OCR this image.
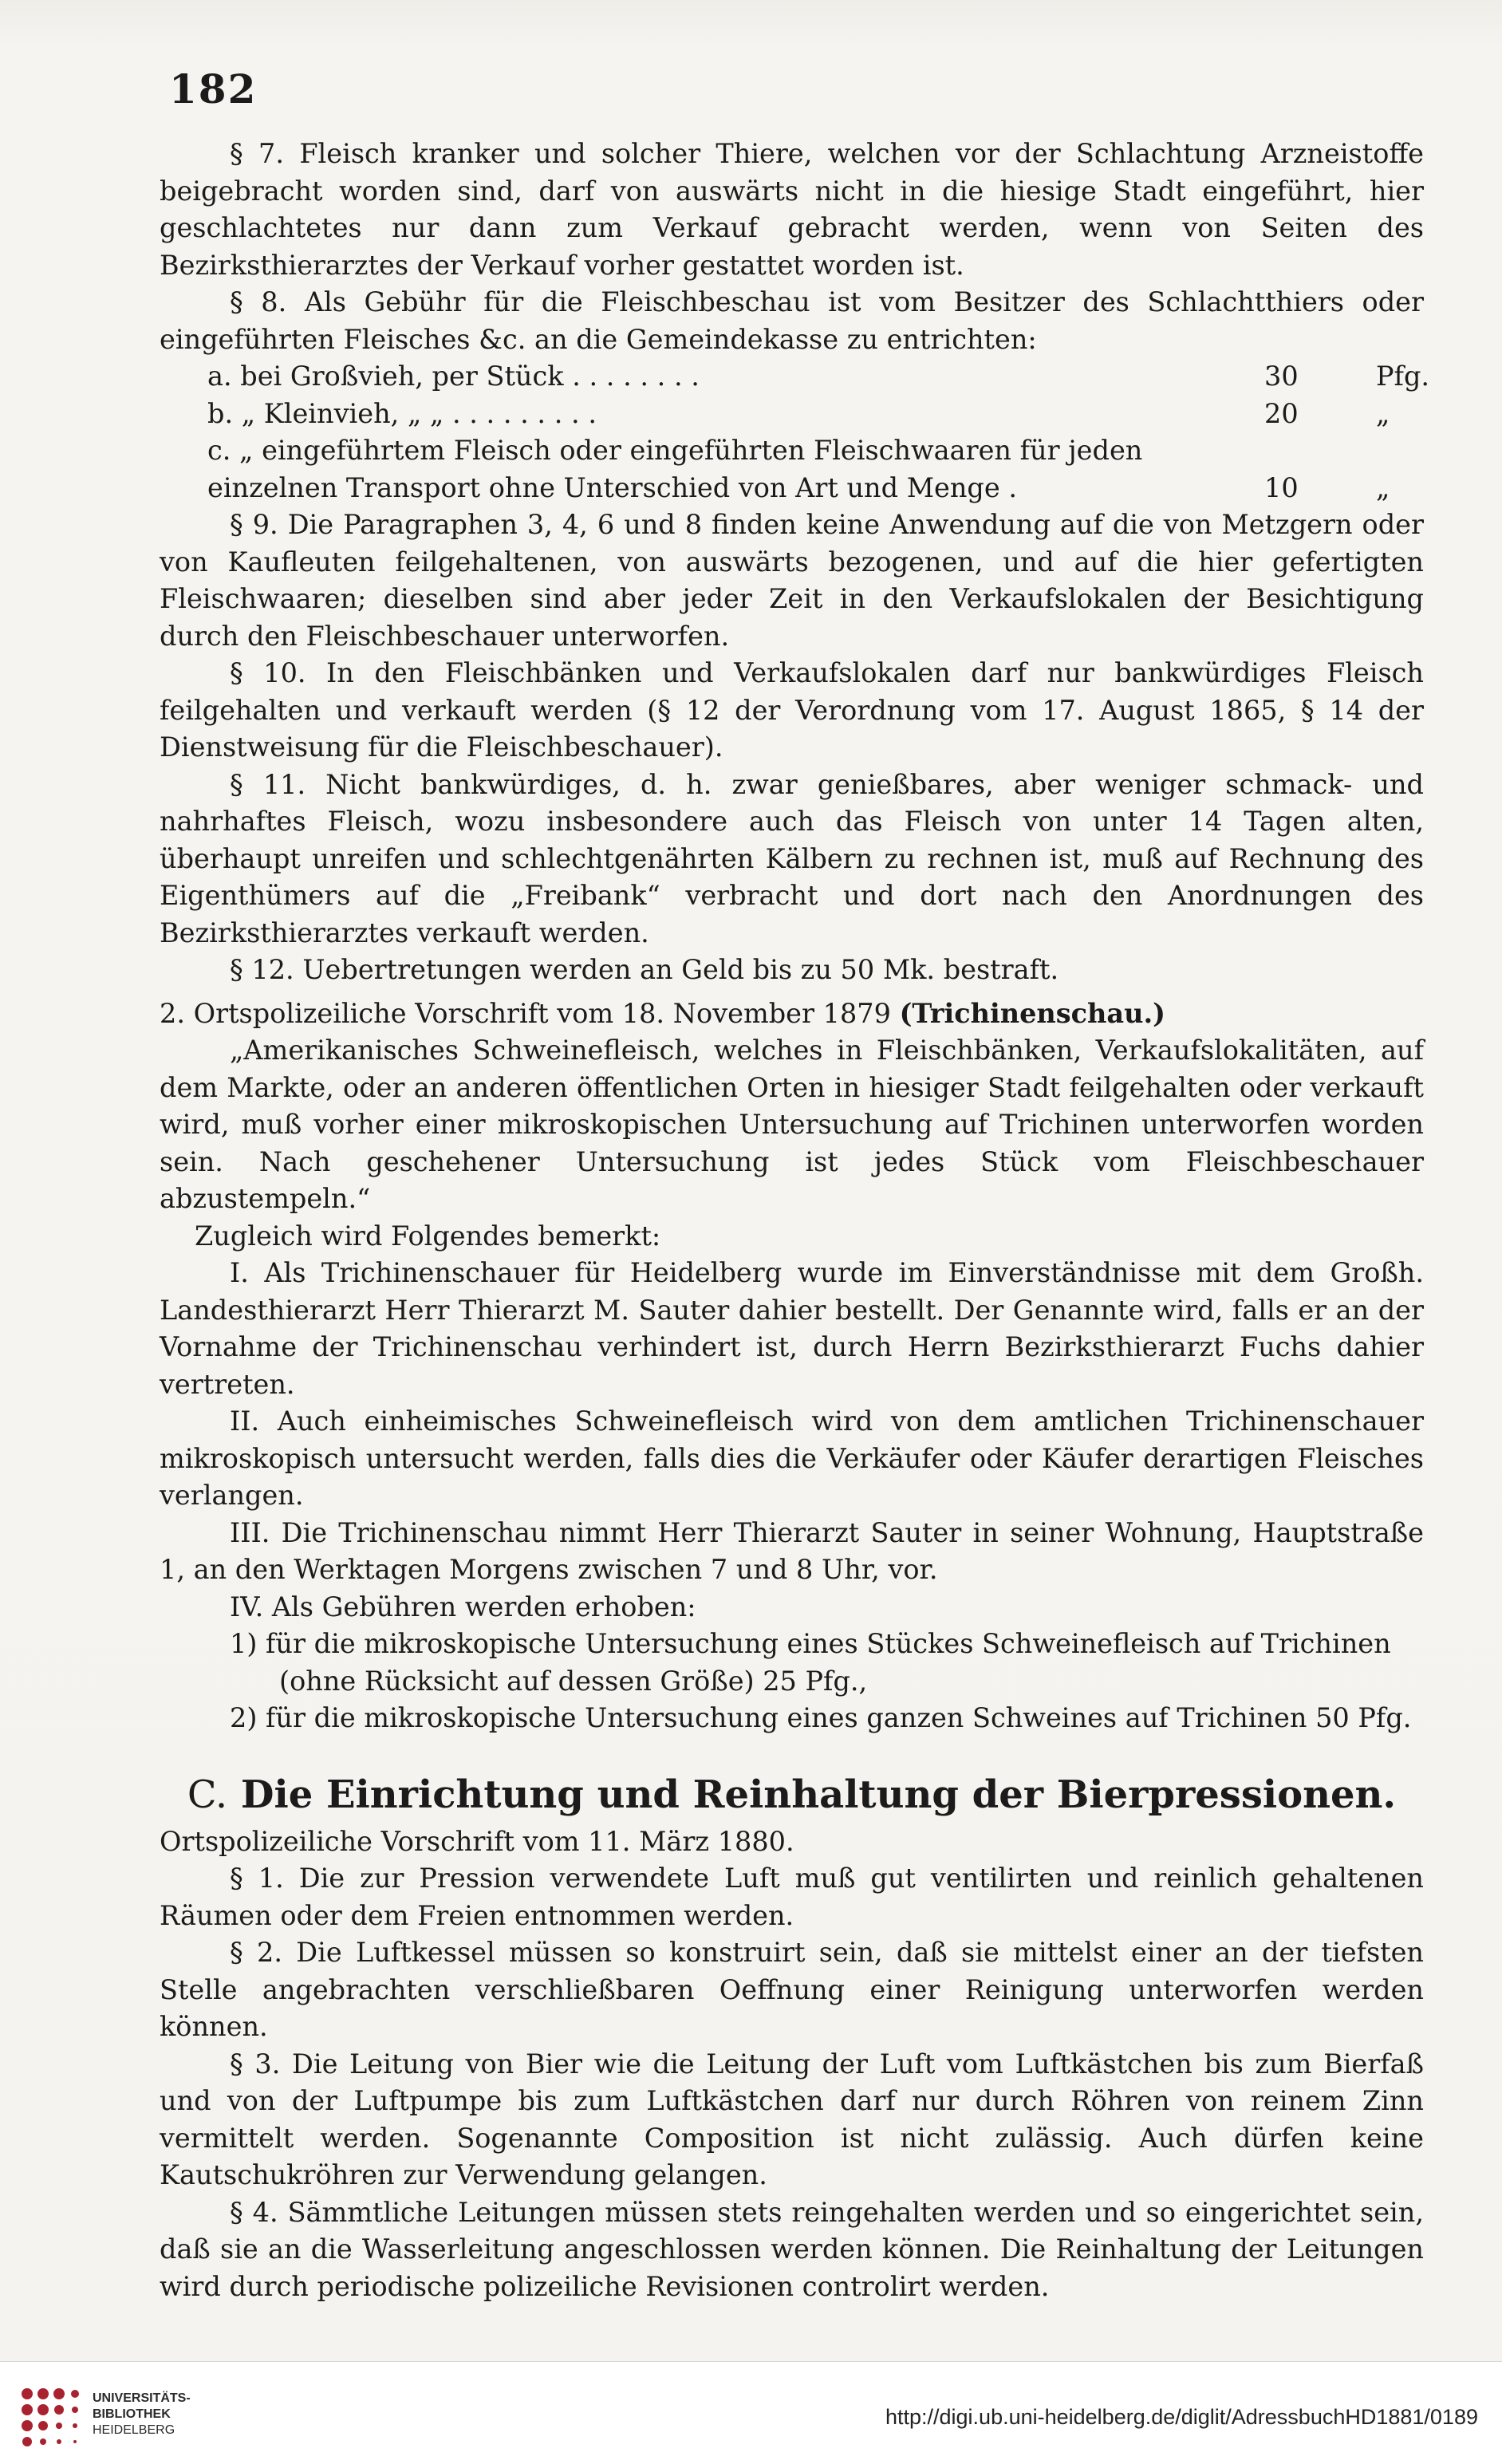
182

§ 7. Fleisch kranker und solcher Thiere, welchen vor der Schlachtung Arzneistoffe beigebracht worden sind, darf von auswärts nicht in die hiesige Stadt eingeführt, hier geschlachtetes nur dann zum Verkauf gebracht werden, wenn von Seiten des Bezirksthierarztes der Verkauf vorher gestattet worden ist.

§ 8. Als Gebühr für die Fleischbeschau ist vom Besitzer des Schlachtthiers oder eingeführten Fleisches &c. an die Gemeindekasse zu entrichten:

a. bei Großvieh, per Stück . . . . . . . .	30	Pfg.
b. „ Kleinvieh, „ „ . . . . . . . . .	20	„
c. „ eingeführtem Fleisch oder eingeführten Fleischwaaren für jeden
einzelnen Transport ohne Unterschied von Art und Menge .	10	„

§ 9. Die Paragraphen 3, 4, 6 und 8 finden keine Anwendung auf die von Metzgern oder von Kaufleuten feilgehaltenen, von auswärts bezogenen, und auf die hier gefertigten Fleischwaaren; dieselben sind aber jeder Zeit in den Verkaufslokalen der Besichtigung durch den Fleischbeschauer unterworfen.

§ 10. In den Fleischbänken und Verkaufslokalen darf nur bankwürdiges Fleisch feilgehalten und verkauft werden (§ 12 der Verordnung vom 17. August 1865, § 14 der Dienstweisung für die Fleischbeschauer).

§ 11. Nicht bankwürdiges, d. h. zwar genießbares, aber weniger schmack- und nahrhaftes Fleisch, wozu insbesondere auch das Fleisch von unter 14 Tagen alten, überhaupt unreifen und schlechtgenährten Kälbern zu rechnen ist, muß auf Rechnung des Eigenthümers auf die „Freibank“ verbracht und dort nach den Anordnungen des Bezirksthierarztes verkauft werden.

§ 12. Uebertretungen werden an Geld bis zu 50 Mk. bestraft.

2. Ortspolizeiliche Vorschrift vom 18. November 1879 (Trichinenschau.)

„Amerikanisches Schweinefleisch, welches in Fleischbänken, Verkaufslokalitäten, auf dem Markte, oder an anderen öffentlichen Orten in hiesiger Stadt feilgehalten oder verkauft wird, muß vorher einer mikroskopischen Untersuchung auf Trichinen unterworfen worden sein. Nach geschehener Untersuchung ist jedes Stück vom Fleischbeschauer abzustempeln.“

Zugleich wird Folgendes bemerkt:

I. Als Trichinenschauer für Heidelberg wurde im Einverständnisse mit dem Großh. Landesthierarzt Herr Thierarzt M. Sauter dahier bestellt. Der Genannte wird, falls er an der Vornahme der Trichinenschau verhindert ist, durch Herrn Bezirksthierarzt Fuchs dahier vertreten.

II. Auch einheimisches Schweinefleisch wird von dem amtlichen Trichinenschauer mikroskopisch untersucht werden, falls dies die Verkäufer oder Käufer derartigen Fleisches verlangen.

III. Die Trichinenschau nimmt Herr Thierarzt Sauter in seiner Wohnung, Hauptstraße 1, an den Werktagen Morgens zwischen 7 und 8 Uhr, vor.

IV. Als Gebühren werden erhoben:

1) für die mikroskopische Untersuchung eines Stückes Schweinefleisch auf Trichinen

(ohne Rücksicht auf dessen Größe) 25 Pfg.,

2) für die mikroskopische Untersuchung eines ganzen Schweines auf Trichinen 50 Pfg.

C. Die Einrichtung und Reinhaltung der Bierpressionen.

Ortspolizeiliche Vorschrift vom 11. März 1880.

§ 1. Die zur Pression verwendete Luft muß gut ventilirten und reinlich gehaltenen Räumen oder dem Freien entnommen werden.

§ 2. Die Luftkessel müssen so konstruirt sein, daß sie mittelst einer an der tiefsten Stelle angebrachten verschließbaren Oeffnung einer Reinigung unterworfen werden können.

§ 3. Die Leitung von Bier wie die Leitung der Luft vom Luftkästchen bis zum Bierfaß und von der Luftpumpe bis zum Luftkästchen darf nur durch Röhren von reinem Zinn vermittelt werden. Sogenannte Composition ist nicht zulässig. Auch dürfen keine Kautschukröhren zur Verwendung gelangen.

§ 4. Sämmtliche Leitungen müssen stets reingehalten werden und so eingerichtet sein, daß sie an die Wasserleitung angeschlossen werden können. Die Reinhaltung der Leitungen wird durch periodische polizeiliche Revisionen controlirt werden.

UNIVERSITÄTS-
BIBLIOTHEK
HEIDELBERG
http://digi.ub.uni-heidelberg.de/diglit/AdressbuchHD1881/0189
